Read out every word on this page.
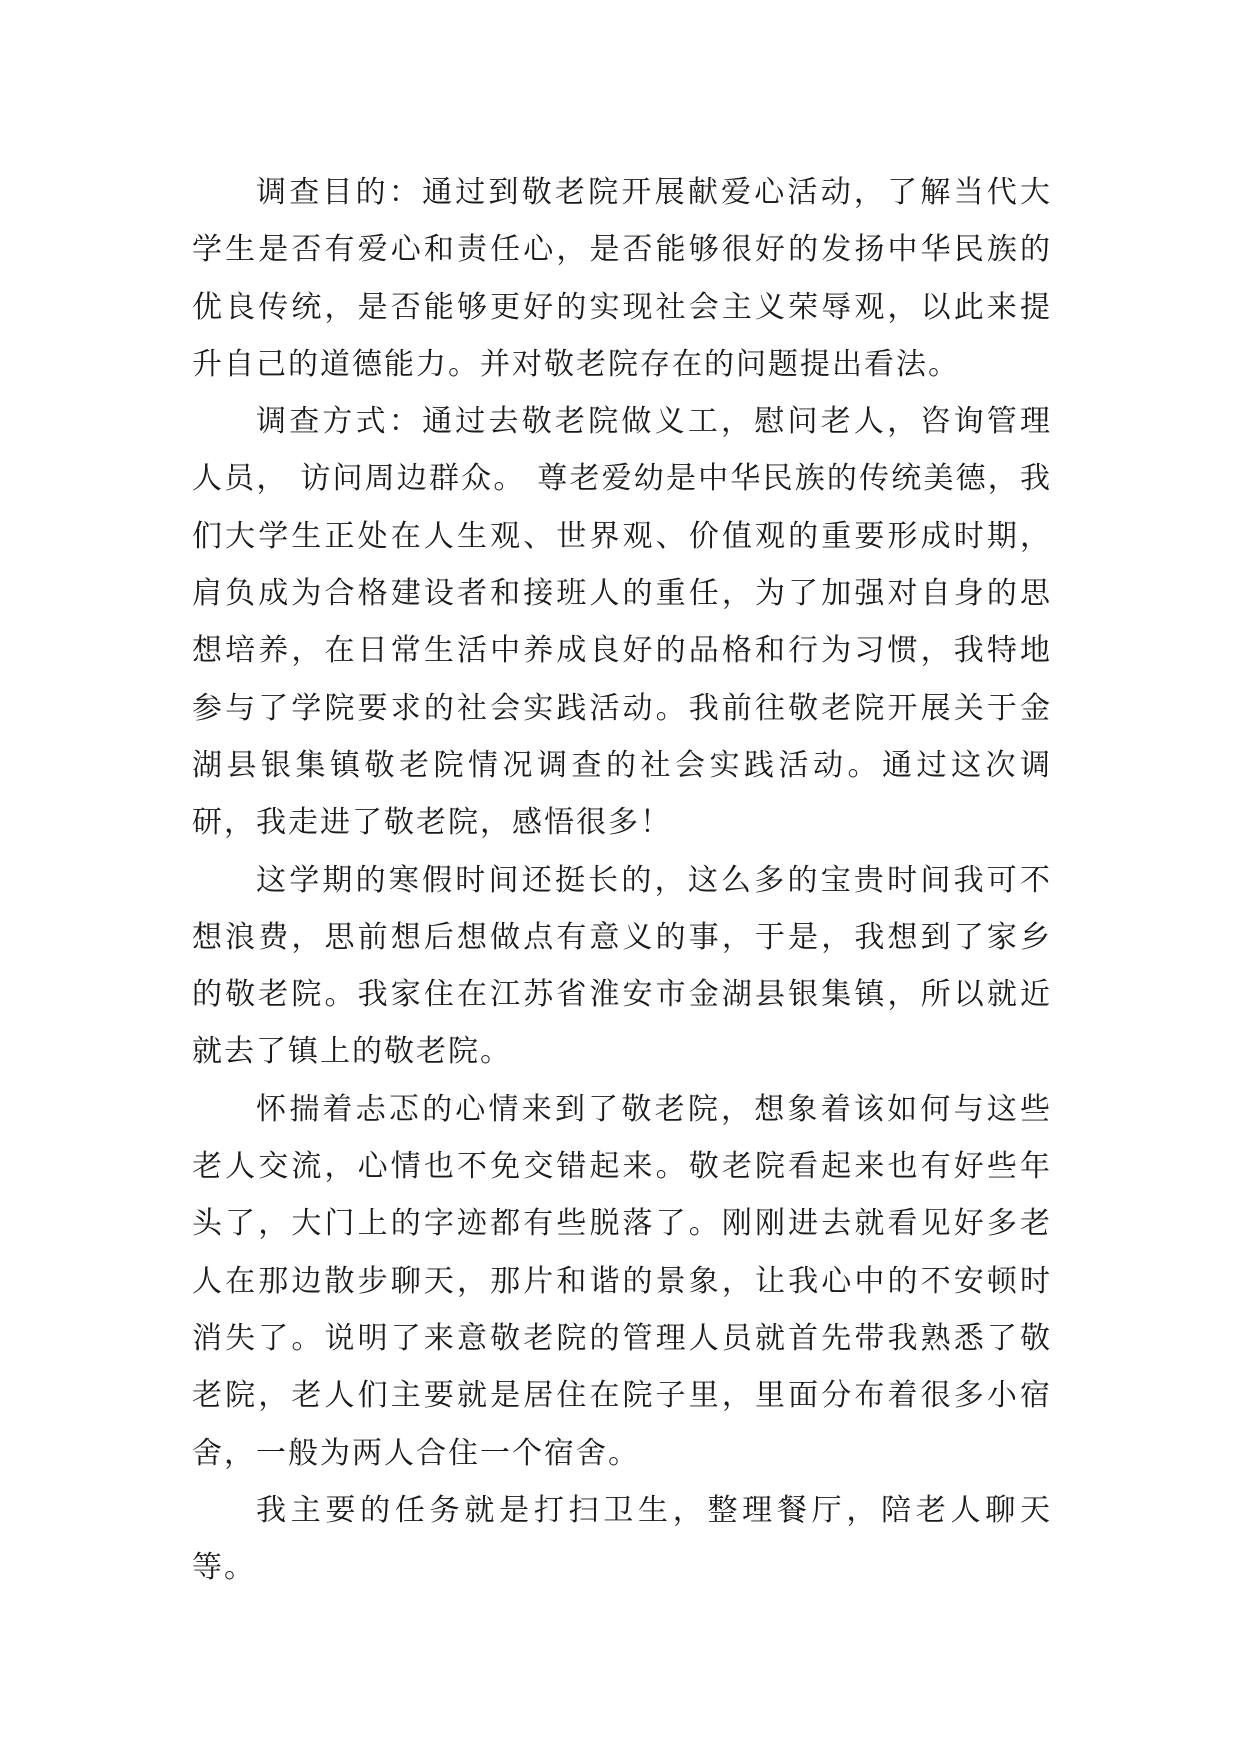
调查目的：通过到敬老院开展献爱心活动，了解当代大学生是否有爱心和责任心，是否能够很好的发扬中华民族的优良传统，是否能够更好的实现社会主义荣辱观，以此来提升自己的道德能力。并对敬老院存在的问题提出看法。

调查方式：通过去敬老院做义工，慰问老人，咨询管理人员， 访问周边群众。 尊老爱幼是中华民族的传统美德，我们大学生正处在人生观、世界观、价值观的重要形成时期，肩负成为合格建设者和接班人的重任，为了加强对自身的思想培养，在日常生活中养成良好的品格和行为习惯，我特地参与了学院要求的社会实践活动。我前往敬老院开展关于金湖县银集镇敬老院情况调查的社会实践活动。通过这次调研，我走进了敬老院，感悟很多！

这学期的寒假时间还挺长的，这么多的宝贵时间我可不想浪费，思前想后想做点有意义的事，于是，我想到了家乡的敬老院。我家住在江苏省淮安市金湖县银集镇，所以就近就去了镇上的敬老院。

怀揣着忐忑的心情来到了敬老院，想象着该如何与这些老人交流，心情也不免交错起来。敬老院看起来也有好些年头了，大门上的字迹都有些脱落了。刚刚进去就看见好多老人在那边散步聊天，那片和谐的景象，让我心中的不安顿时消失了。说明了来意敬老院的管理人员就首先带我熟悉了敬老院，老人们主要就是居住在院子里，里面分布着很多小宿舍，一般为两人合住一个宿舍。

我主要的任务就是打扫卫生，整理餐厅，陪老人聊天等。
